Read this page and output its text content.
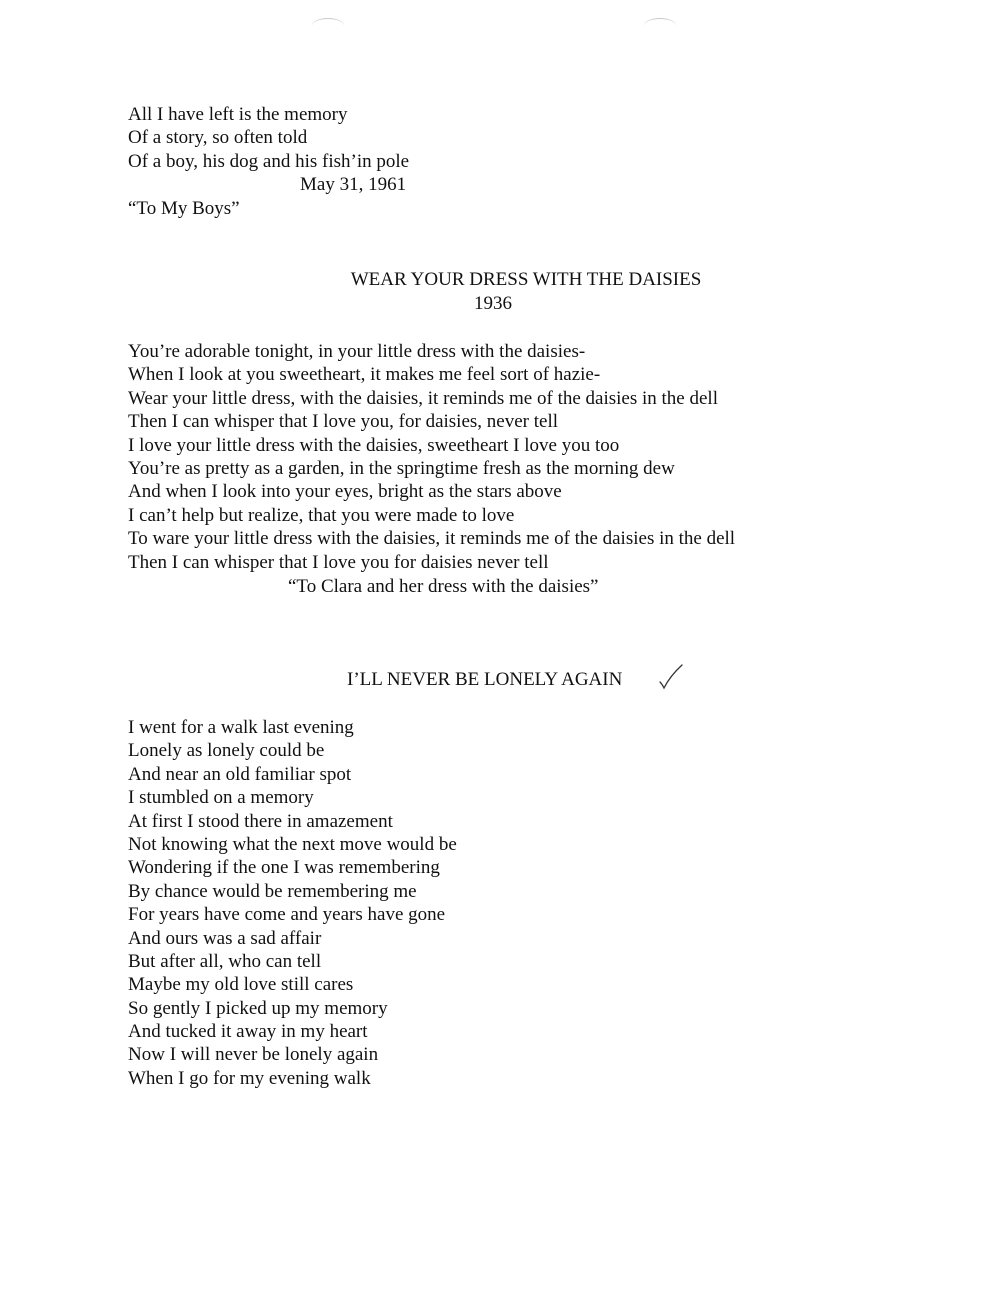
All I have left is the memory
Of a story, so often told
Of a boy, his dog and his fish’in pole
May 31, 1961
“To My Boys”
WEAR YOUR DRESS WITH THE DAISIES
1936
You’re adorable tonight, in your little dress with the daisies-
When I look at you sweetheart, it makes me feel sort of hazie-
Wear your little dress, with the daisies, it reminds me of the daisies in the dell
Then I can whisper that I love you, for daisies, never tell
I love your little dress with the daisies, sweetheart I love you too
You’re as pretty as a garden, in the springtime fresh as the morning dew
And when I look into your eyes, bright as the stars above
I can’t help but realize, that you were made to love
To ware your little dress with the daisies, it reminds me of the daisies in the dell
Then I can whisper that I love you for daisies never tell
“To Clara and her dress with the daisies”
I’LL NEVER BE LONELY AGAIN
I went for a walk last evening
Lonely as lonely could be
And near an old familiar spot
I stumbled on a memory
At first I stood there in amazement
Not knowing what the next move would be
Wondering if the one I was remembering
By chance would be remembering me
For years have come and years have gone
And ours was a sad affair
But after all, who can tell
Maybe my old love still cares
So gently I picked up my memory
And tucked it away in my heart
Now I will never be lonely again
When I go for my evening walk
